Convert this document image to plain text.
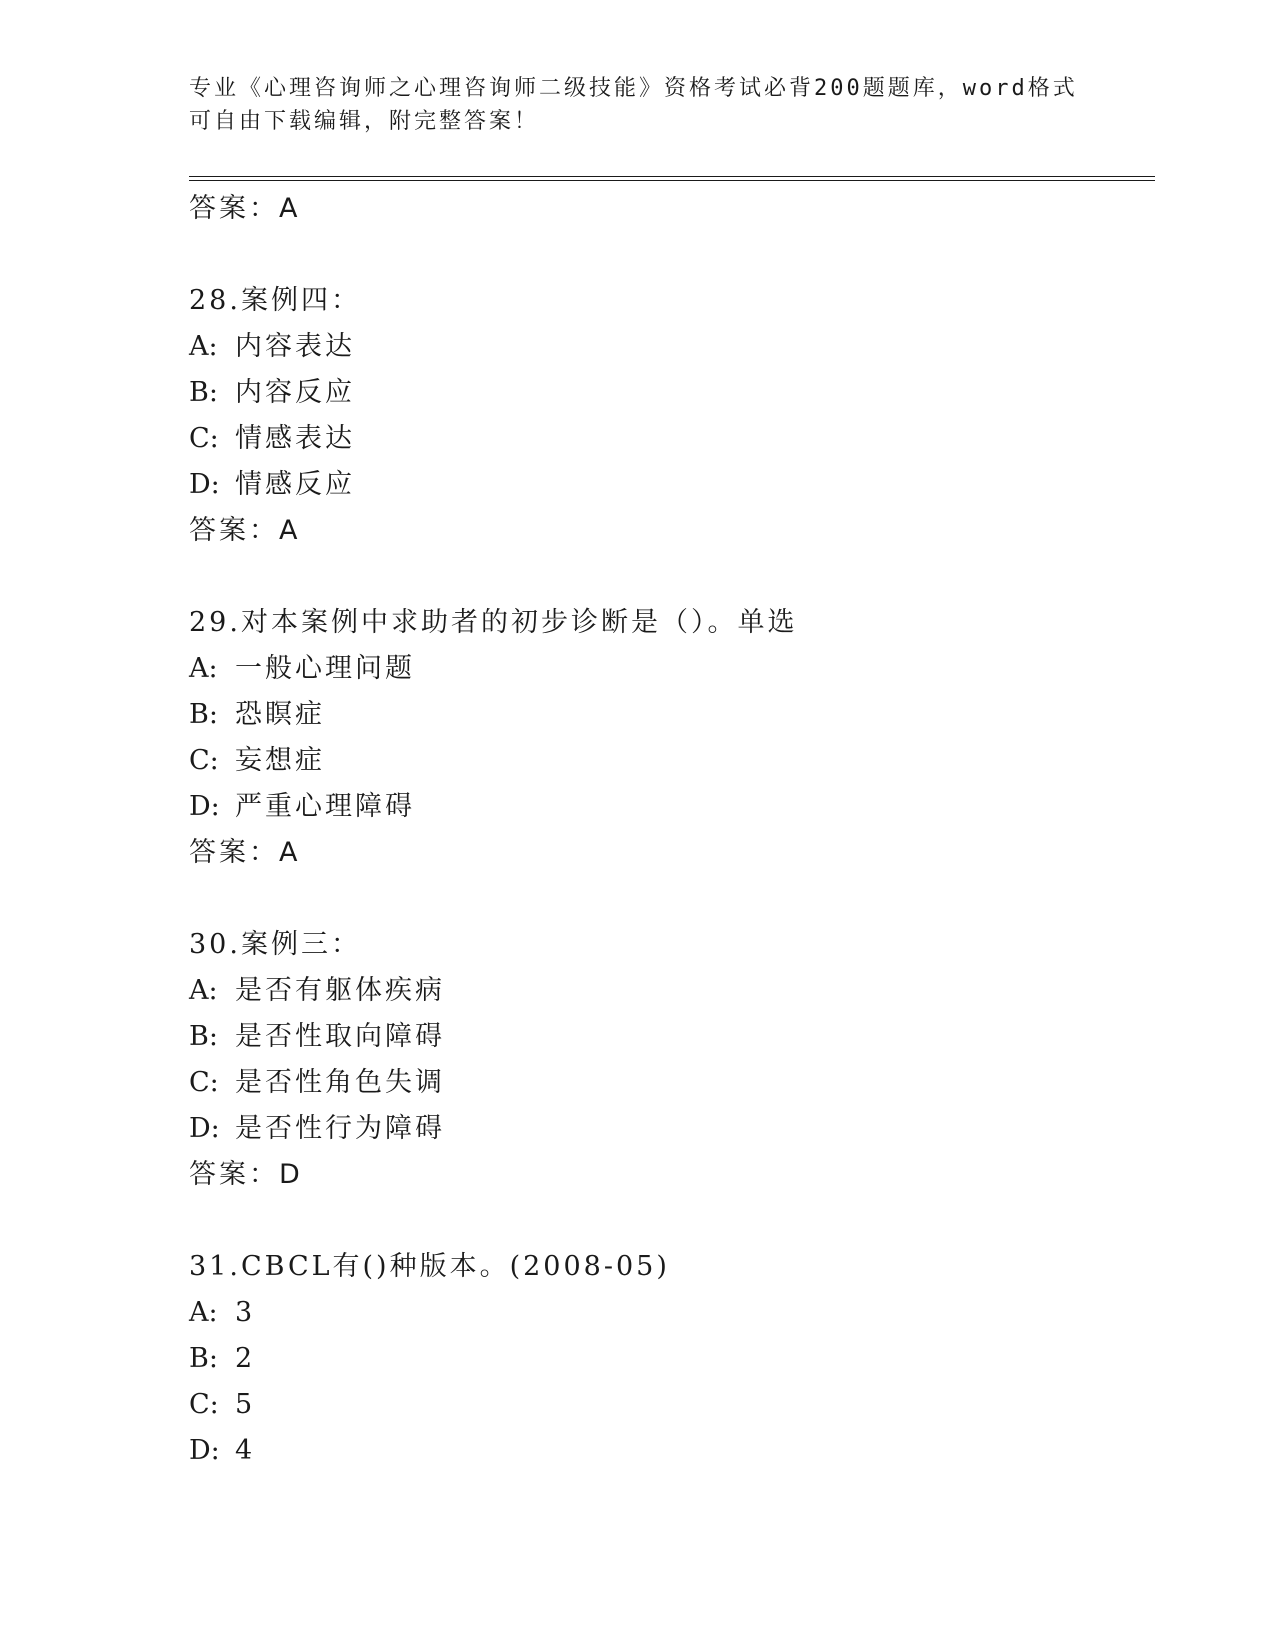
专业《心理咨询师之心理咨询师二级技能》资格考试必背200题题库，word格式
可自由下载编辑，附完整答案！
答案：A
28.案例四：
A: 内容表达
B: 内容反应
C: 情感表达
D: 情感反应
答案：A
29.对本案例中求助者的初步诊断是（）。单选
A: 一般心理问题
B: 恐瞑症
C: 妄想症
D: 严重心理障碍
答案：A
30.案例三：
A: 是否有躯体疾病
B: 是否性取向障碍
C: 是否性角色失调
D: 是否性行为障碍
答案：D
31.CBCL有()种版本。(2008-05)
A: 3
B: 2
C: 5
D: 4
